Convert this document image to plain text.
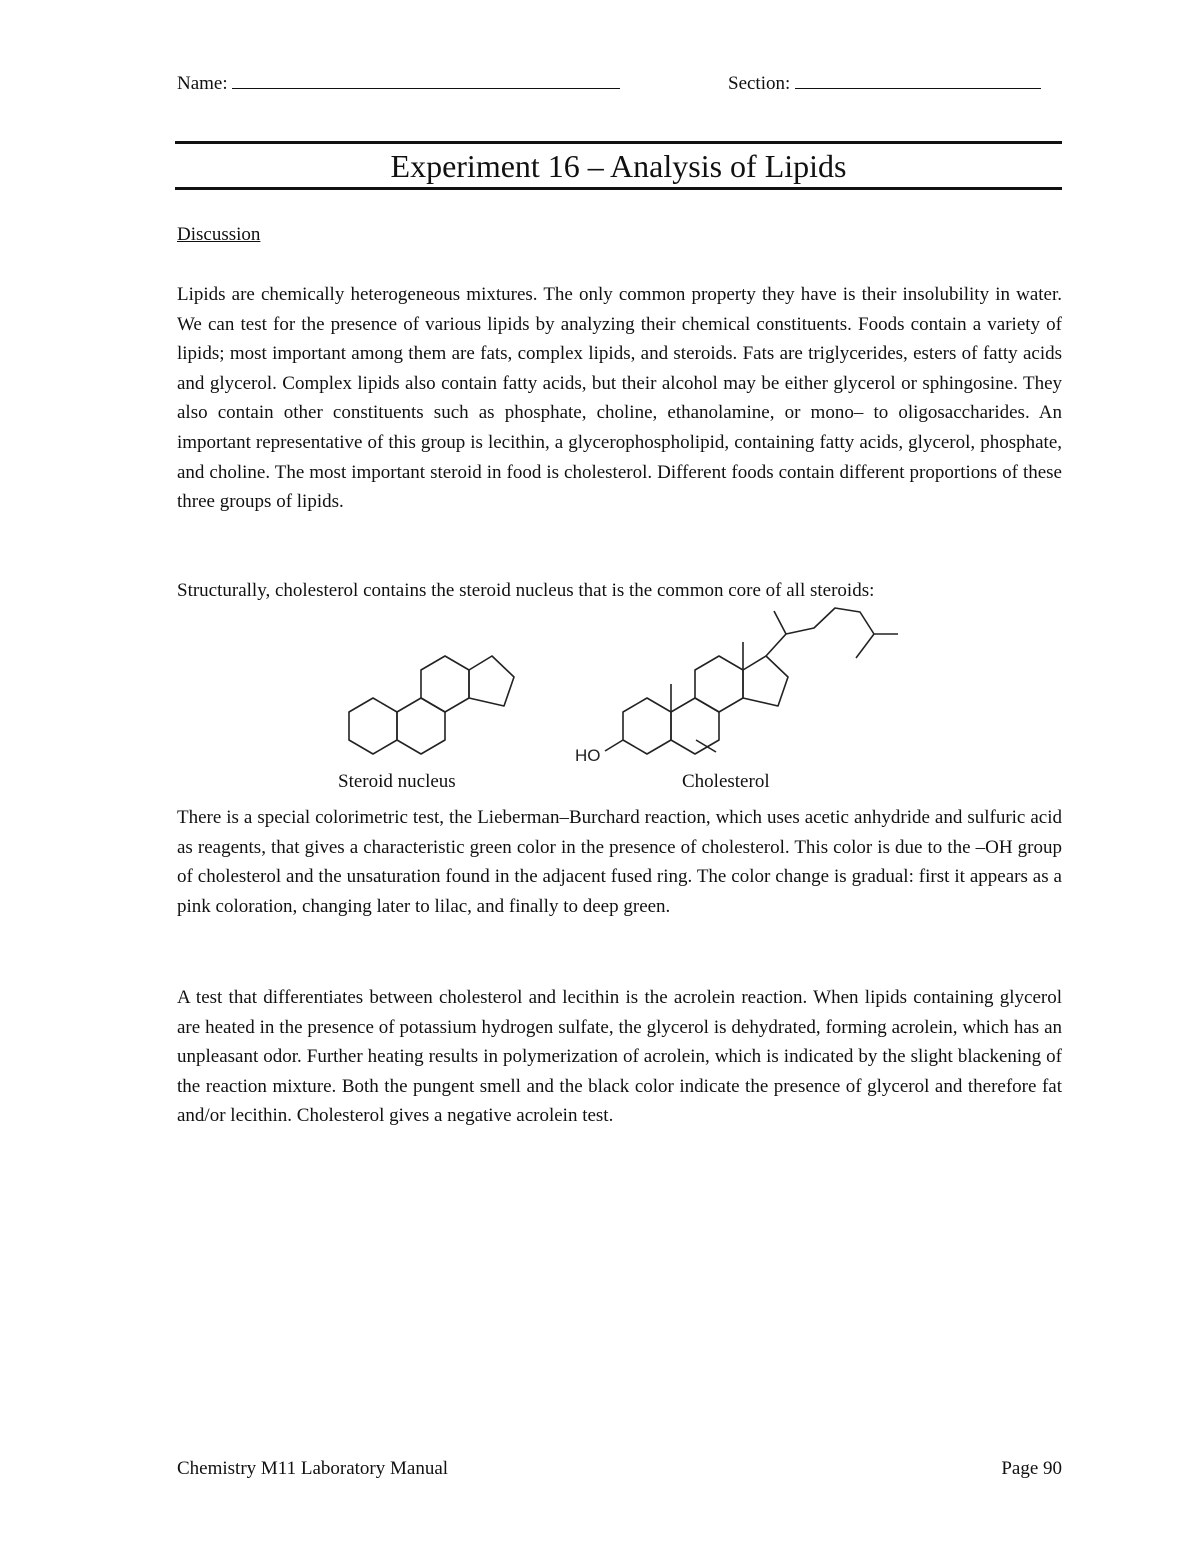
Name:	Section:
Experiment 16 – Analysis of Lipids
Discussion

Lipids are chemically heterogeneous mixtures. The only common property they have is their insolubility in water. We can test for the presence of various lipids by analyzing their chemical constituents. Foods contain a variety of lipids; most important among them are fats, complex lipids, and steroids. Fats are triglycerides, esters of fatty acids and glycerol. Complex lipids also contain fatty acids, but their alcohol may be either glycerol or sphingosine. They also contain other constituents such as phosphate, choline, ethanolamine, or mono– to oligosaccharides. An important representative of this group is lecithin, a glycerophospholipid, containing fatty acids, glycerol, phosphate, and choline. The most important steroid in food is cholesterol. Different foods contain different proportions of these three groups of lipids.

Structurally, cholesterol contains the steroid nucleus that is the common core of all steroids:

HO
Steroid nucleus	Cholesterol

There is a special colorimetric test, the Lieberman–Burchard reaction, which uses acetic anhydride and sulfuric acid as reagents, that gives a characteristic green color in the presence of cholesterol. This color is due to the –OH group of cholesterol and the unsaturation found in the adjacent fused ring. The color change is gradual: first it appears as a pink coloration, changing later to lilac, and finally to deep green.

A test that differentiates between cholesterol and lecithin is the acrolein reaction. When lipids containing glycerol are heated in the presence of potassium hydrogen sulfate, the glycerol is dehydrated, forming acrolein, which has an unpleasant odor. Further heating results in polymerization of acrolein, which is indicated by the slight blackening of the reaction mixture. Both the pungent smell and the black color indicate the presence of glycerol and therefore fat and/or lecithin. Cholesterol gives a negative acrolein test.

Chemistry M11 Laboratory Manual	Page 90
